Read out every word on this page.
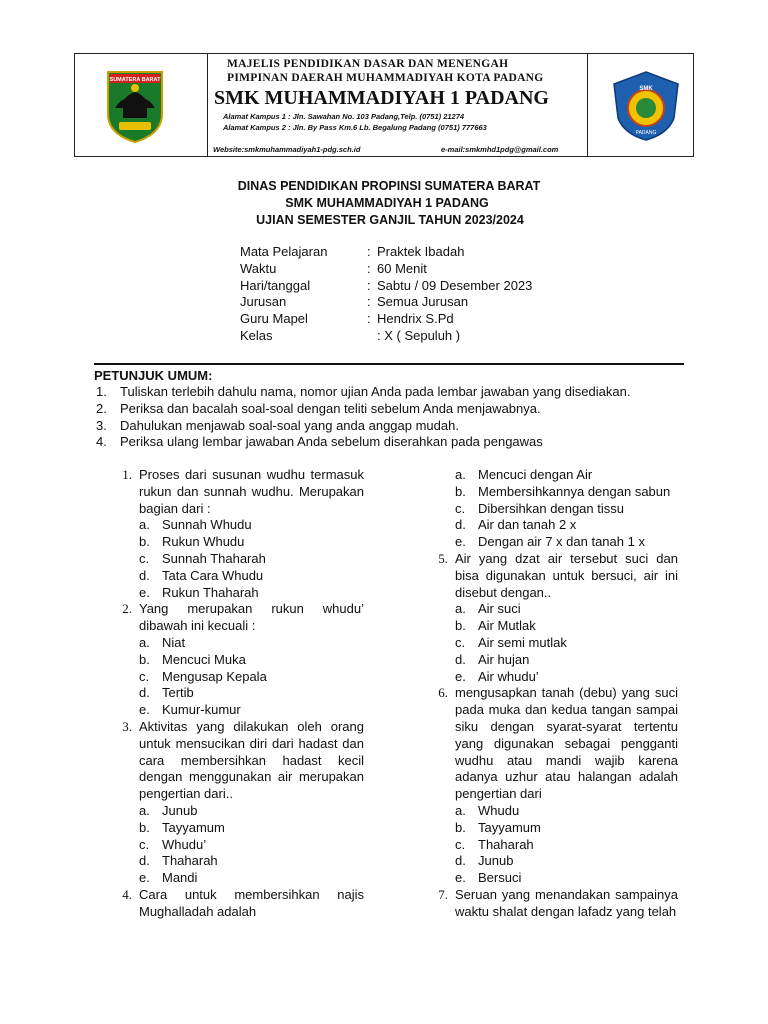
SUMATERA BARAT
MAJELIS PENDIDIKAN DASAR DAN MENENGAH
PIMPINAN DAERAH MUHAMMADIYAH KOTA PADANG
SMK MUHAMMADIYAH 1 PADANG
Alamat Kampus 1 : Jln. Sawahan No. 103 Padang,Telp. (0751) 21274
Alamat Kampus 2 : Jln. By Pass Km.6 Lb. Begalung Padang (0751) 777663
Website:smkmuhammadiyah1-pdg.sch.id	e-mail:smkmhd1pdg@gmail.com
SMK
PADANG
DINAS PENDIDIKAN PROPINSI SUMATERA BARAT
SMK MUHAMMADIYAH 1 PADANG
UJIAN SEMESTER GANJIL TAHUN 2023/2024
Mata Pelajaran	: Praktek Ibadah
Waktu	: 60 Menit
Hari/tanggal	: Sabtu / 09 Desember 2023
Jurusan	: Semua Jurusan
Guru Mapel	: Hendrix S.Pd
Kelas	: X ( Sepuluh )
PETUNJUK UMUM:
1. Tuliskan terlebih dahulu nama, nomor ujian Anda pada lembar jawaban yang disediakan.
2. Periksa dan bacalah soal-soal dengan teliti sebelum Anda menjawabnya.
3. Dahulukan menjawab soal-soal yang anda anggap mudah.
4. Periksa ulang lembar jawaban Anda sebelum diserahkan pada pengawas
1. Proses dari susunan wudhu termasuk rukun dan sunnah wudhu. Merupakan bagian dari :
a. Sunnah Whudu
b. Rukun Whudu
c. Sunnah Thaharah
d. Tata Cara Whudu
e. Rukun Thaharah
2. Yang merupakan rukun whudu’ dibawah ini kecuali :
a. Niat
b. Mencuci Muka
c. Mengusap Kepala
d. Tertib
e. Kumur-kumur
3. Aktivitas yang dilakukan oleh orang untuk mensucikan diri dari hadast dan cara membersihkan hadast kecil dengan menggunakan air merupakan pengertian dari..
a. Junub
b. Tayyamum
c. Whudu’
d. Thaharah
e. Mandi
4. Cara untuk membersihkan najis Mughalladah adalah
a. Mencuci dengan Air
b. Membersihkannya dengan sabun
c. Dibersihkan dengan tissu
d. Air dan tanah 2 x
e. Dengan air 7 x dan tanah 1 x
5. Air yang dzat air tersebut suci dan bisa digunakan untuk bersuci, air ini disebut dengan..
a. Air suci
b. Air Mutlak
c. Air semi mutlak
d. Air hujan
e. Air whudu’
6. mengusapkan tanah (debu) yang suci pada muka dan kedua tangan sampai siku dengan syarat-syarat tertentu yang digunakan sebagai pengganti wudhu atau mandi wajib karena adanya uzhur atau halangan adalah pengertian dari
a. Whudu
b. Tayyamum
c. Thaharah
d. Junub
e. Bersuci
7. Seruan yang menandakan sampainya waktu shalat dengan lafadz yang telah
